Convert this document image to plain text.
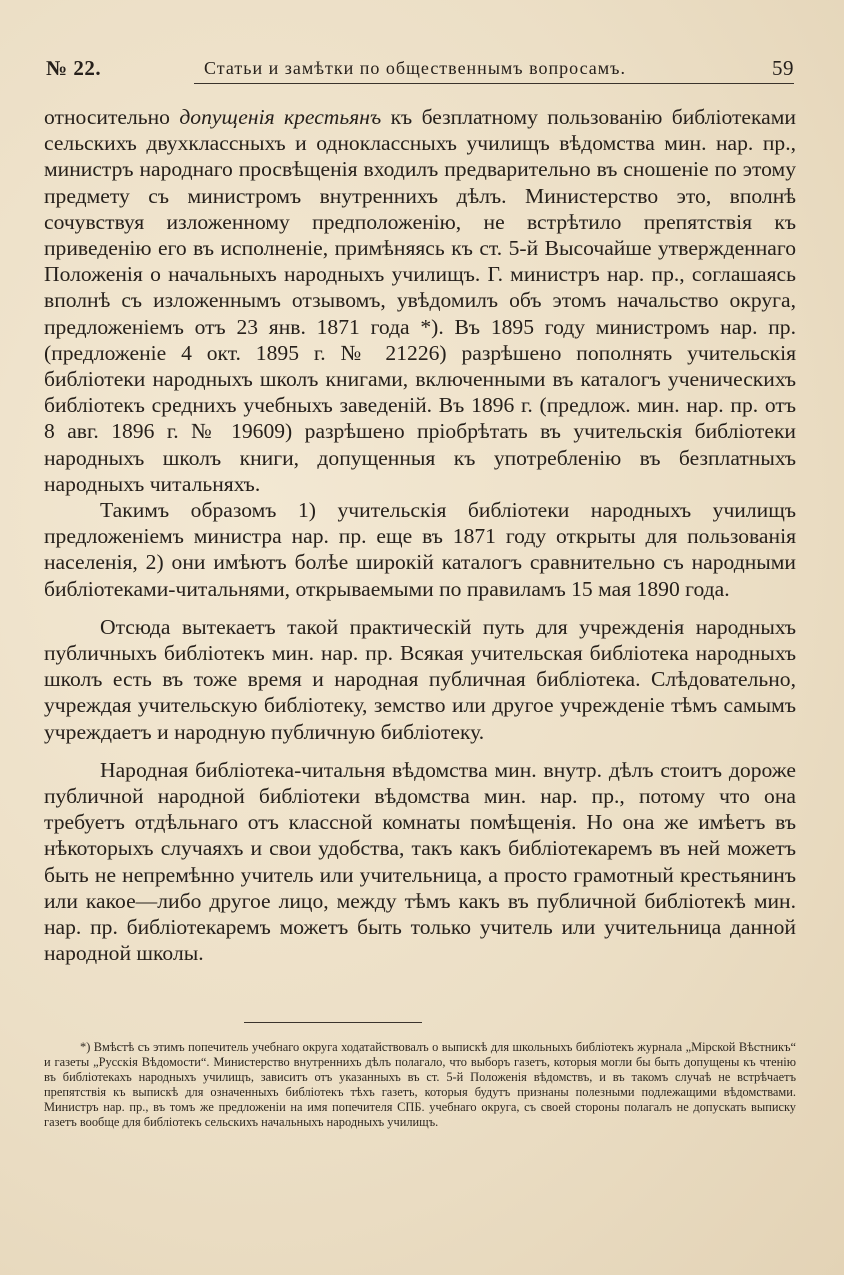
№ 22.	Статьи и замѣтки по общественнымъ вопросамъ.	59

относительно допущенія крестьянъ къ безплатному пользованію библіотеками сельскихъ двухклассныхъ и одноклассныхъ училищъ вѣдомства мин. нар. пр., министръ народнаго просвѣщенія входилъ предварительно въ сношеніе по этому предмету съ министромъ внутреннихъ дѣлъ. Министерство это, вполнѣ сочувствуя изложенному предположенію, не встрѣтило препятствія къ приведенію его въ исполненіе, примѣняясь къ ст. 5-й Высочайше утвержденнаго Положенія о начальныхъ народныхъ училищъ. Г. министръ нар. пр., соглашаясь вполнѣ съ изложеннымъ отзывомъ, увѣдомилъ объ этомъ начальство округа, предложеніемъ отъ 23 янв. 1871 года *). Въ 1895 году министромъ нар. пр. (предложеніе 4 окт. 1895 г. № 21226) разрѣшено пополнять учительскія библіотеки народныхъ школъ книгами, включенными въ каталогъ ученическихъ библіотекъ среднихъ учебныхъ заведеній. Въ 1896 г. (предлож. мин. нар. пр. отъ 8 авг. 1896 г. № 19609) разрѣшено пріобрѣтать въ учительскія библіотеки народныхъ школъ книги, допущенныя къ употребленію въ безплатныхъ народныхъ читальняхъ.

Такимъ образомъ 1) учительскія библіотеки народныхъ училищъ предложеніемъ министра нар. пр. еще въ 1871 году открыты для пользованія населенія, 2) они имѣютъ болѣе широкій каталогъ сравнительно съ народными библіотеками-читальнями, открываемыми по правиламъ 15 мая 1890 года.

Отсюда вытекаетъ такой практическій путь для учрежденія народныхъ публичныхъ библіотекъ мин. нар. пр. Всякая учительская библіотека народныхъ школъ есть въ тоже время и народная публичная библіотека. Слѣдовательно, учреждая учительскую библіотеку, земство или другое учрежденіе тѣмъ самымъ учреждаетъ и народную публичную библіотеку.

Народная библіотека-читальня вѣдомства мин. внутр. дѣлъ стоитъ дороже публичной народной библіотеки вѣдомства мин. нар. пр., потому что она требуетъ отдѣльнаго отъ классной комнаты помѣщенія. Но она же имѣетъ въ нѣкоторыхъ случаяхъ и свои удобства, такъ какъ библіотекаремъ въ ней можетъ быть не непремѣнно учитель или учительница, а просто грамотный крестьянинъ или какое—либо другое лицо, между тѣмъ какъ въ публичной библіотекѣ мин. нар. пр. библіотекаремъ можетъ быть только учитель или учительница данной народной школы.

*) Вмѣстѣ съ этимъ попечитель учебнаго округа ходатайствовалъ о выпискѣ для школьныхъ библіотекъ журнала „Мірской Вѣстникъ“ и газеты „Русскія Вѣдомости“. Министерство внутреннихъ дѣлъ полагало, что выборъ газетъ, которыя могли бы быть допущены къ чтенію въ библіотекахъ народныхъ училищъ, зависитъ отъ указанныхъ въ ст. 5-й Положенія вѣдомствъ, и въ такомъ случаѣ не встрѣчаетъ препятствія къ выпискѣ для означенныхъ библіотекъ тѣхъ газетъ, которыя будутъ признаны полезными подлежащими вѣдомствами. Министръ нар. пр., въ томъ же предложеніи на имя попечителя СПБ. учебнаго округа, съ своей стороны полагалъ не допускать выписку газетъ вообще для библіотекъ сельскихъ начальныхъ народныхъ училищъ.
